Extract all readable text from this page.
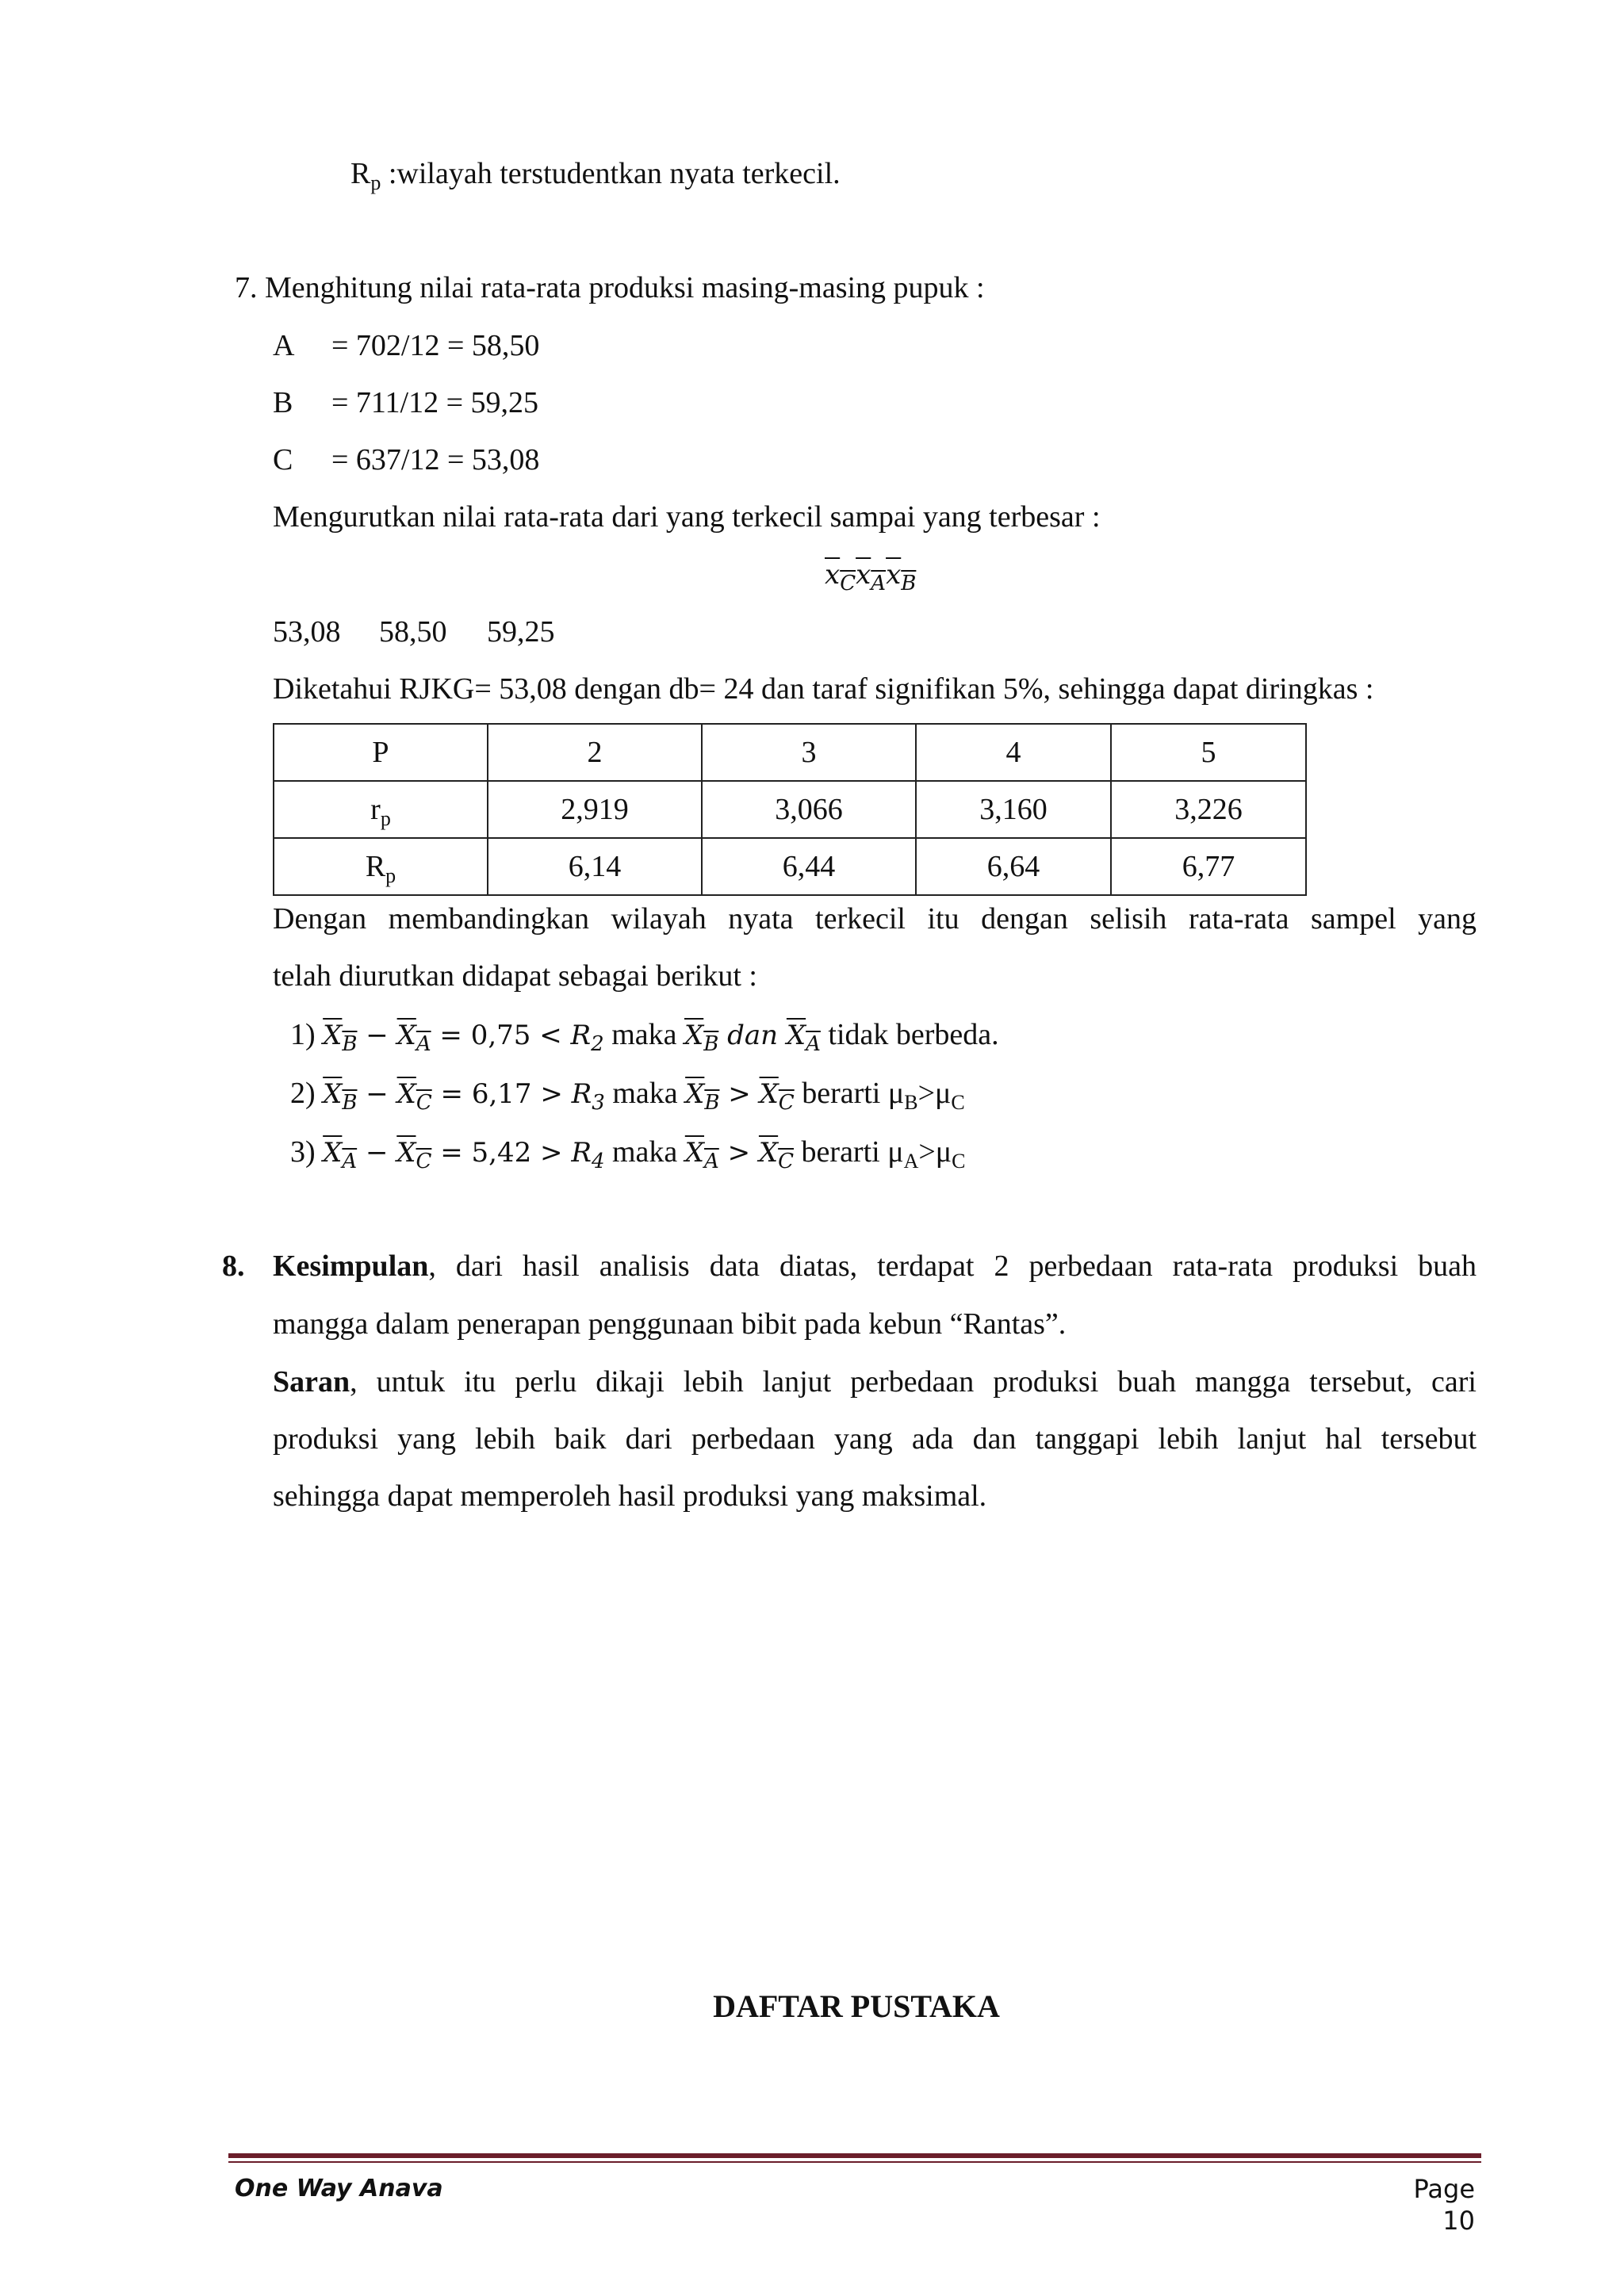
$R_p$ :wilayah terstudentkan nyata terkecil.
7. Menghitung nilai rata-rata produksi masing-masing pupuk :
A = 702/12 = 58,50
B = 711/12 = 59,25
C = 637/12 = 53,08
Mengurutkan nilai rata-rata dari yang terkecil sampai yang terbesar :
$x_Cx_Ax_B$
53,08 58,50 59,25
Diketahui RJKG= 53,08 dengan db= 24 dan taraf signifikan 5%, sehingga dapat diringkas :
P	2	3	4	5
$r_p$	2,919	3,066	3,160	3,226
$R_p$	6,14	6,44	6,64	6,77
Dengan membandingkan wilayah nyata terkecil itu dengan selisih rata-rata sampel yang
telah diurutkan didapat sebagai berikut :
1) $X_B - X_A = 0,75 < R_2$ maka $X_B$ dan $X_A$ tidak berbeda.
2) $X_B - X_C = 6,17 > R_3$ maka $X_B > X_C$ berarti $\mu_B>\mu_C$
3) $X_A - X_C = 5,42 > R_4$ maka $X_A > X_C$ berarti $\mu_A>\mu_C$
8. Kesimpulan, dari hasil analisis data diatas, terdapat 2 perbedaan rata-rata produksi buah
mangga dalam penerapan penggunaan bibit pada kebun “Rantas”.
Saran, untuk itu perlu dikaji lebih lanjut perbedaan produksi buah mangga tersebut, cari
produksi yang lebih baik dari perbedaan yang ada dan tanggapi lebih lanjut hal tersebut
sehingga dapat memperoleh hasil produksi yang maksimal.
DAFTAR PUSTAKA
One Way Anava	Page 10
